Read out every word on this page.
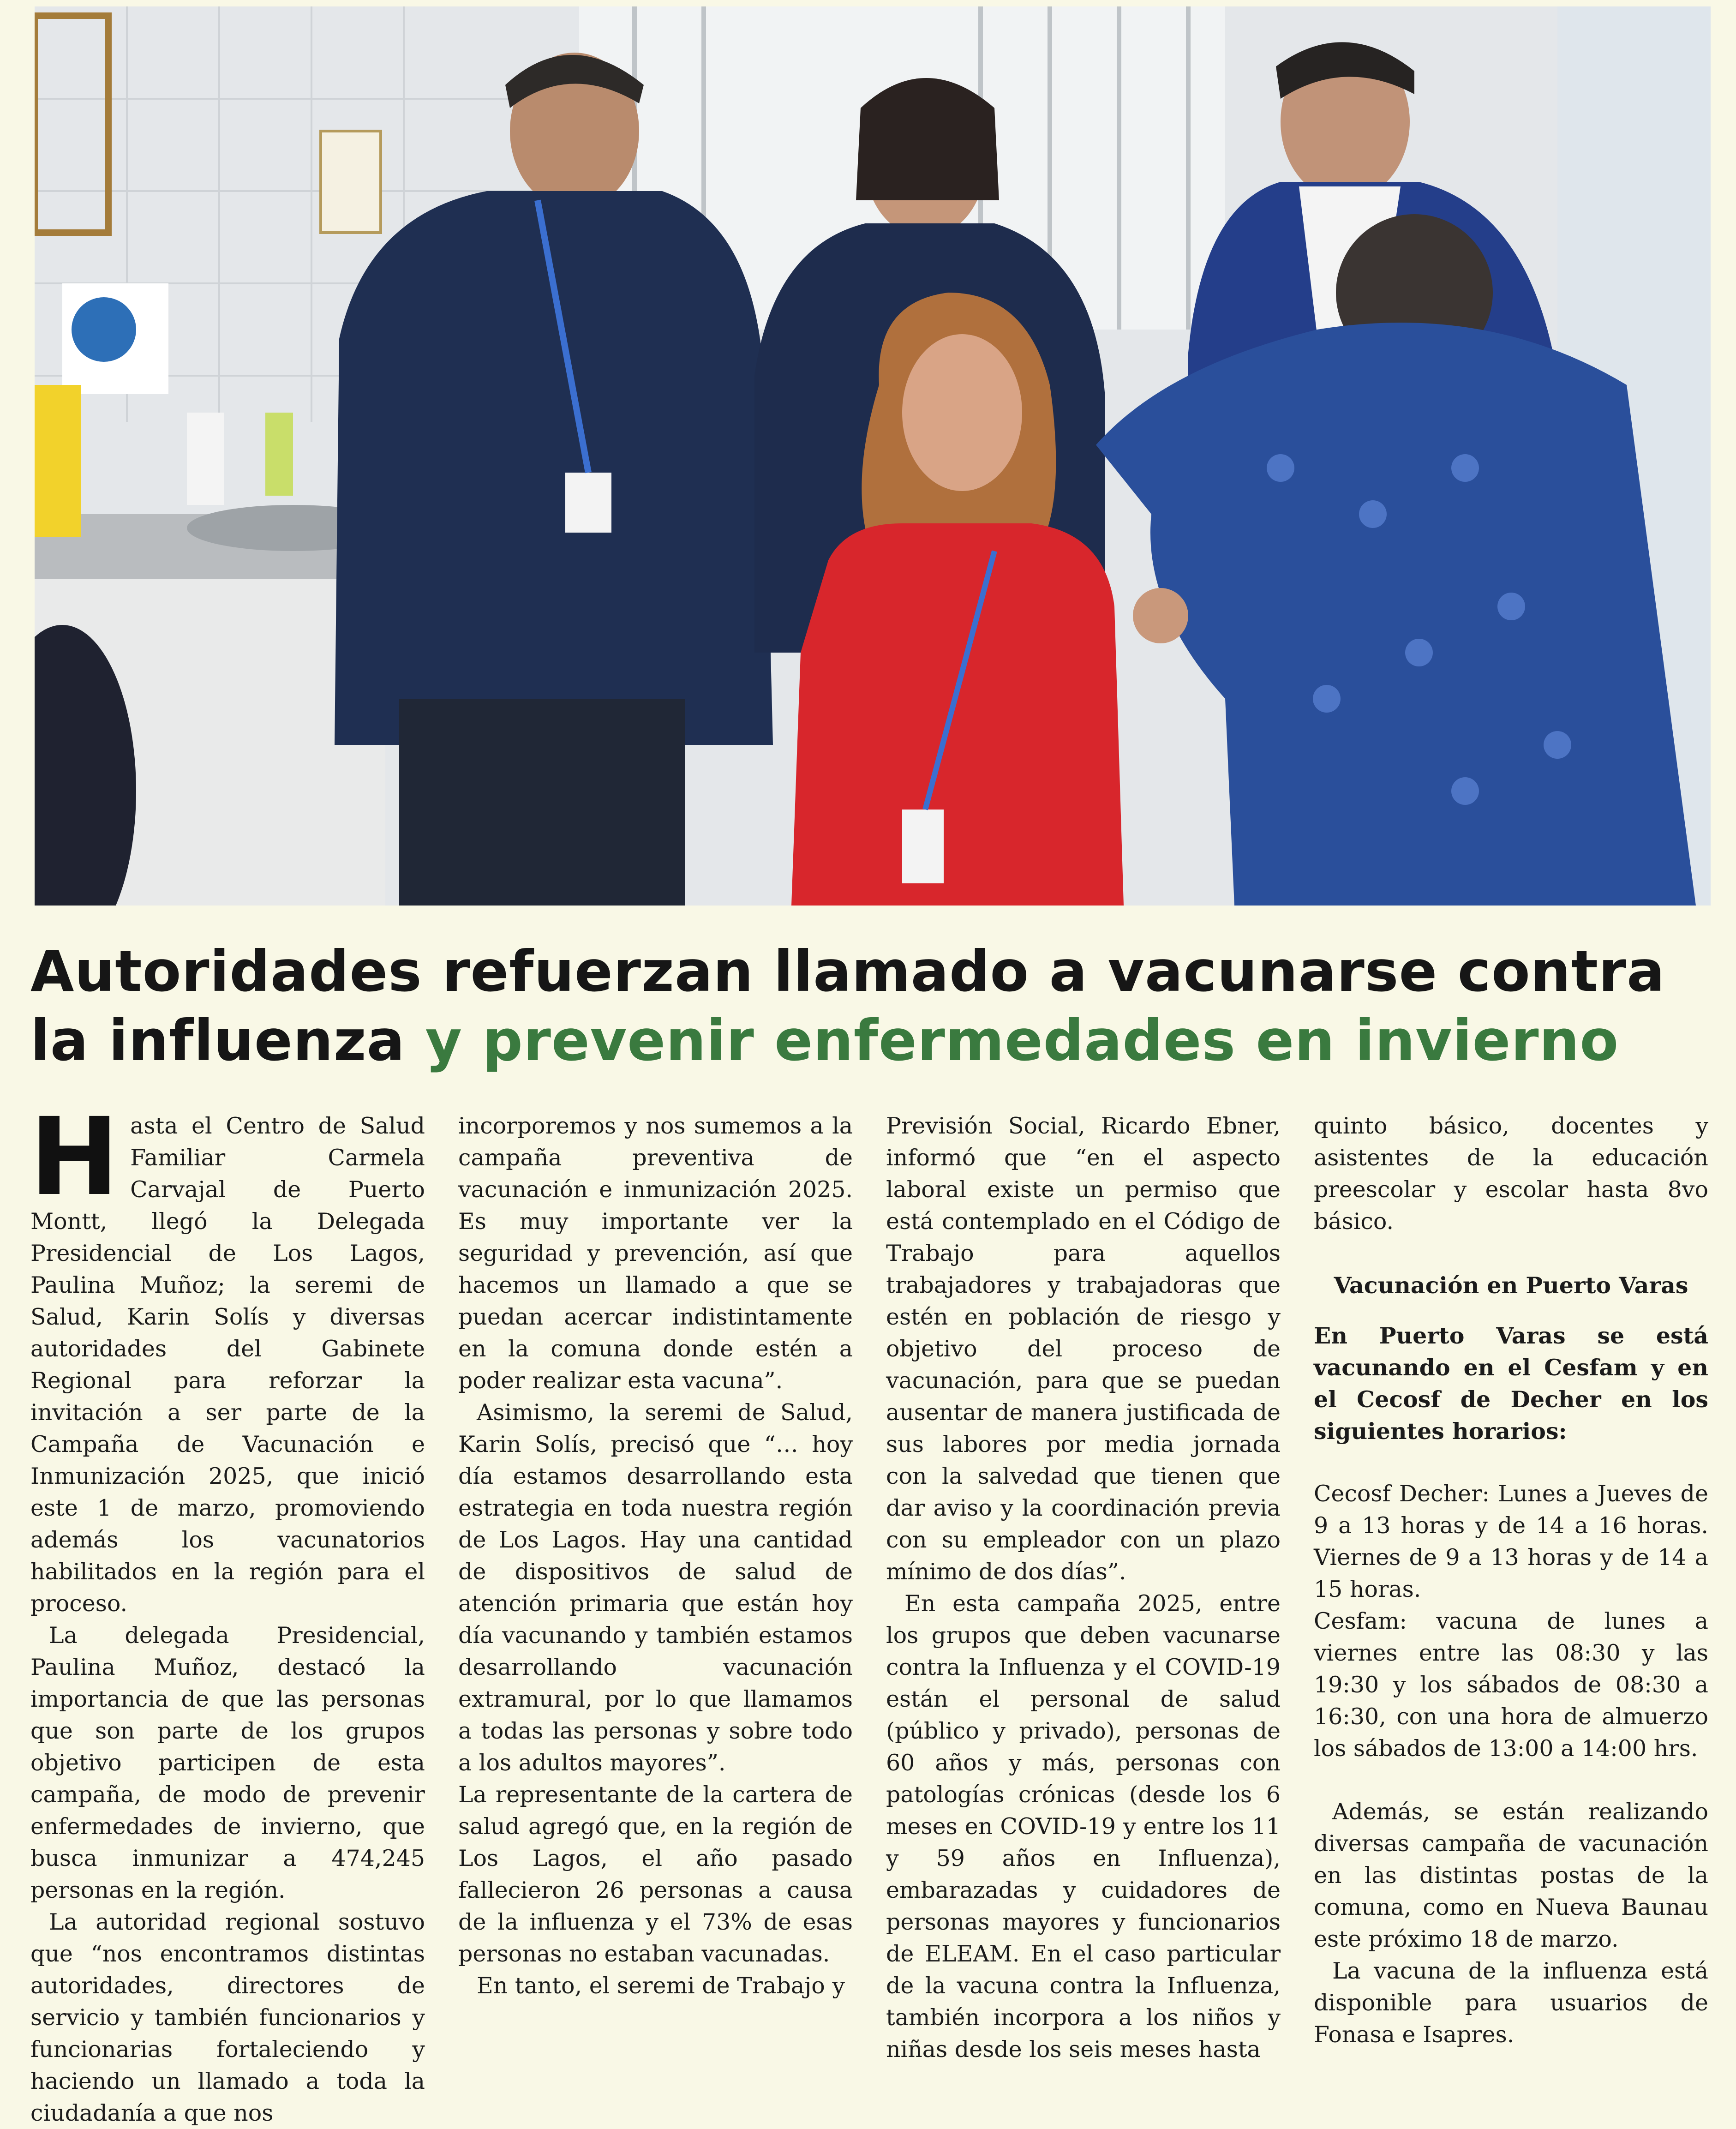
Autoridades refuerzan llamado a vacunarse contra la influenza y prevenir enfermedades en invierno

Hasta el Centro de Salud Familiar Carmela Carvajal de Puerto Montt, llegó la Delegada Presidencial de Los Lagos, Paulina Muñoz; la seremi de Salud, Karin Solís y diversas autoridades del Gabinete Regional para reforzar la invitación a ser parte de la Campaña de Vacunación e Inmunización 2025, que inició este 1 de marzo, promoviendo además los vacunatorios habilitados en la región para el proceso.

La delegada Presidencial, Paulina Muñoz, destacó la importancia de que las personas que son parte de los grupos objetivo participen de esta campaña, de modo de prevenir enfermedades de invierno, que busca inmunizar a 474,245 personas en la región.

La autoridad regional sostuvo que “nos encontramos distintas autoridades, directores de servicio y también funcionarios y funcionarias fortaleciendo y haciendo un llamado a toda la ciudadanía a que nos

incorporemos y nos sumemos a la campaña preventiva de vacunación e inmunización 2025. Es muy importante ver la seguridad y prevención, así que hacemos un llamado a que se puedan acercar indistintamente en la comuna donde estén a poder realizar esta vacuna”.

Asimismo, la seremi de Salud, Karin Solís, precisó que “… hoy día estamos desarrollando esta estrategia en toda nuestra región de Los Lagos. Hay una cantidad de dispositivos de salud de atención primaria que están hoy día vacunando y también estamos desarrollando vacunación extramural, por lo que llamamos a todas las personas y sobre todo a los adultos mayores”.

La representante de la cartera de salud agregó que, en la región de Los Lagos, el año pasado fallecieron 26 personas a causa de la influenza y el 73% de esas personas no estaban vacunadas.

En tanto, el seremi de Trabajo y

Previsión Social, Ricardo Ebner, informó que “en el aspecto laboral existe un permiso que está contemplado en el Código de Trabajo para aquellos trabajadores y trabajadoras que estén en población de riesgo y objetivo del proceso de vacunación, para que se puedan ausentar de manera justificada de sus labores por media jornada con la salvedad que tienen que dar aviso y la coordinación previa con su empleador con un plazo mínimo de dos días”.

En esta campaña 2025, entre los grupos que deben vacunarse contra la Influenza y el COVID-19 están el personal de salud (público y privado), personas de 60 años y más, personas con patologías crónicas (desde los 6 meses en COVID-19 y entre los 11 y 59 años en Influenza), embarazadas y cuidadores de personas mayores y funcionarios de ELEAM. En el caso particular de la vacuna contra la Influenza, también incorpora a los niños y niñas desde los seis meses hasta

quinto básico, docentes y asistentes de la educación preescolar y escolar hasta 8vo básico.

Vacunación en Puerto Varas

En Puerto Varas se está vacunando en el Cesfam y en el Cecosf de Decher en los siguientes horarios:

Cecosf Decher: Lunes a Jueves de 9 a 13 horas y de 14 a 16 horas. Viernes de 9 a 13 horas y de 14 a 15 horas.

Cesfam: vacuna de lunes a viernes entre las 08:30 y las 19:30 y los sábados de 08:30 a 16:30, con una hora de almuerzo los sábados de 13:00 a 14:00 hrs.

Además, se están realizando diversas campaña de vacunación en las distintas postas de la comuna, como en Nueva Baunau este próximo 18 de marzo.

La vacuna de la influenza está disponible para usuarios de Fonasa e Isapres.
